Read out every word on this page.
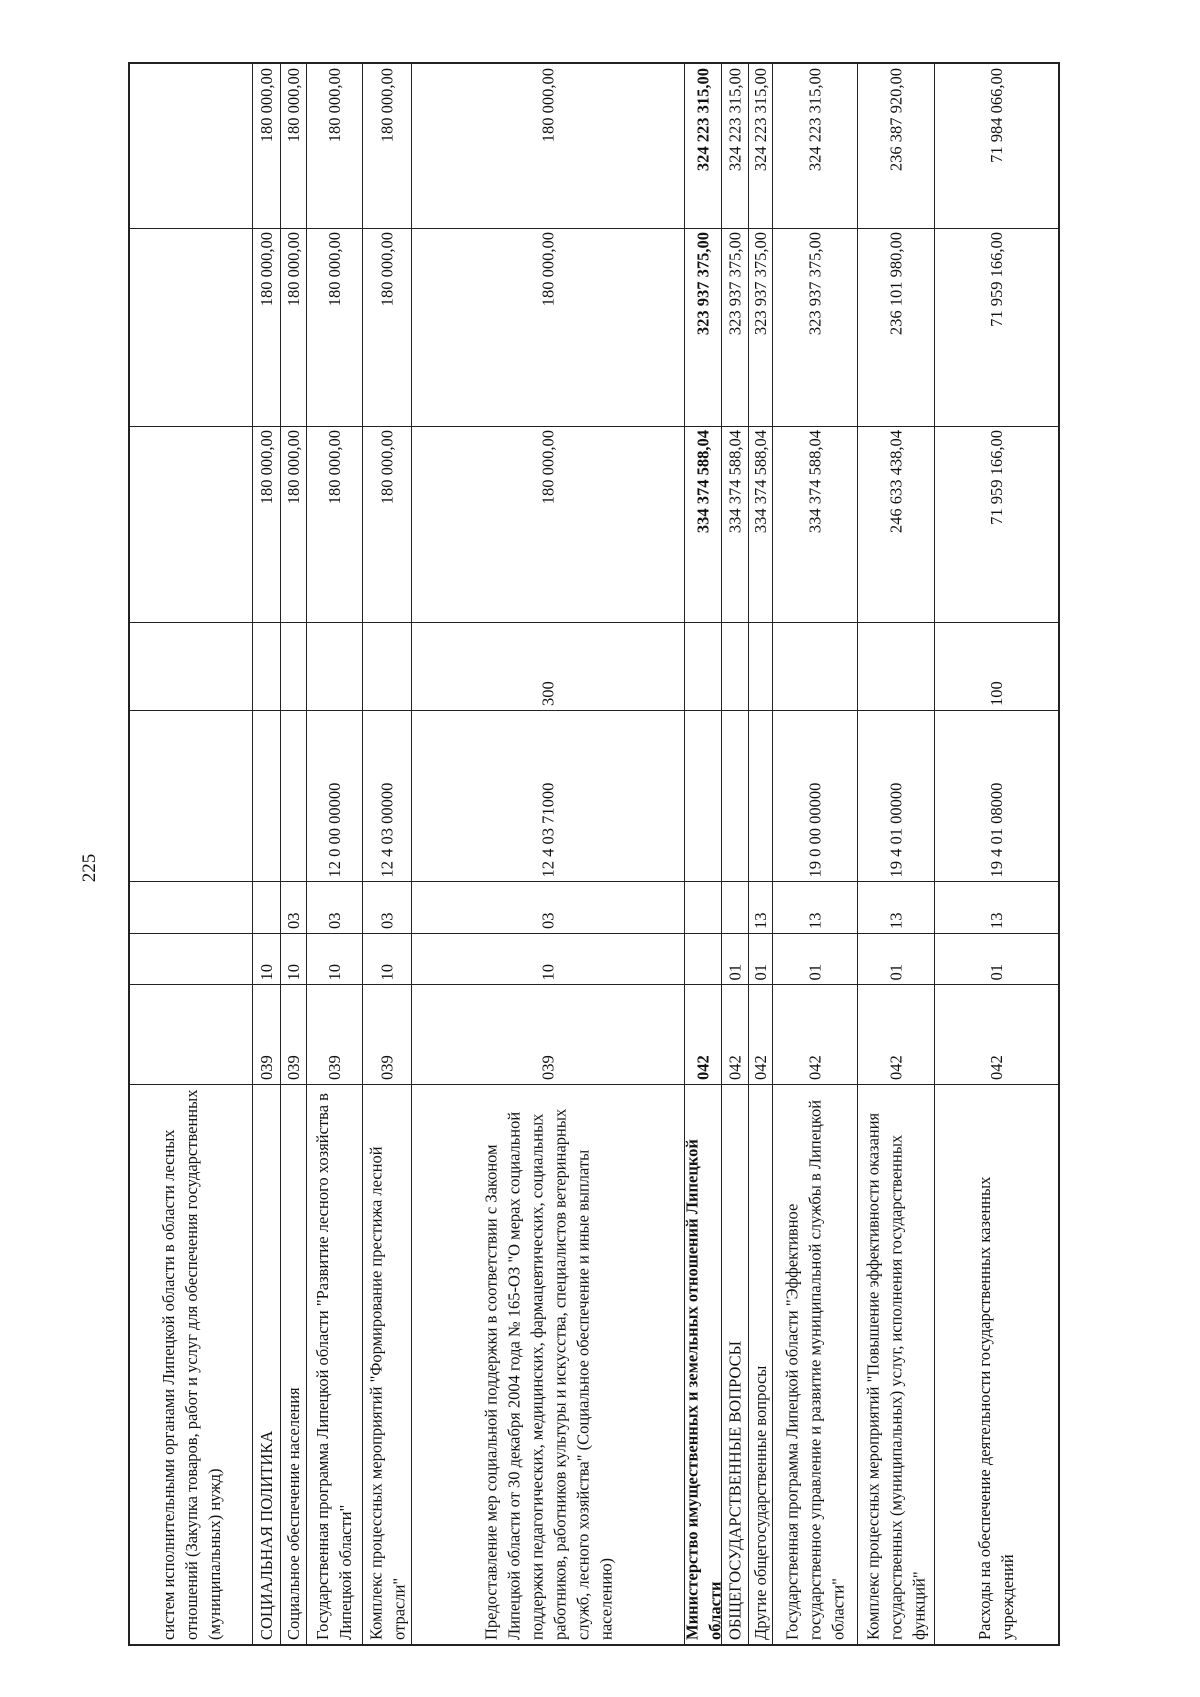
225
систем исполнительными органами Липецкой области в области лесных отношений (Закупка товаров, работ и услуг для обеспечения государственных (муниципальных) нужд)
180 000,00
180 000,00
180 000,00
10
039
СОЦИАЛЬНАЯ ПОЛИТИКА
180 000,00
180 000,00
180 000,00
03
10
039
Социальное обеспечение населения
180 000,00
180 000,00
180 000,00
12 0 00 00000
03
10
039
Государственная программа Липецкой области "Развитие лесного хозяйства в Липецкой области"
180 000,00
180 000,00
180 000,00
12 4 03 00000
03
10
039
Комплекс процессных мероприятий "Формирование престижа лесной отрасли"
180 000,00
180 000,00
180 000,00
300
12 4 03 71000
03
10
039
Предоставление мер социальной поддержки в соответствии с Законом Липецкой области от 30 декабря 2004 года № 165-ОЗ "О мерах социальной поддержки педагогических, медицинских, фармацевтических, социальных работников, работников культуры и искусства, специалистов ветеринарных служб, лесного хозяйства" (Социальное обеспечение и иные выплаты населению)
324 223 315,00
323 937 375,00
334 374 588,04
042
Министерство имущественных и земельных отношений Липецкой области
324 223 315,00
323 937 375,00
334 374 588,04
01
042
ОБЩЕГОСУДАРСТВЕННЫЕ ВОПРОСЫ
324 223 315,00
323 937 375,00
334 374 588,04
13
01
042
Другие общегосударственные вопросы
324 223 315,00
323 937 375,00
334 374 588,04
19 0 00 00000
13
01
042
Государственная программа Липецкой области "Эффективное государственное управление и развитие муниципальной службы в Липецкой области"
236 387 920,00
236 101 980,00
246 633 438,04
19 4 01 00000
13
01
042
Комплекс процессных мероприятий "Повышение эффективности оказания государственных (муниципальных) услуг, исполнения государственных функций"
71 984 066,00
71 959 166,00
71 959 166,00
100
19 4 01 08000
13
01
042
Расходы на обеспечение деятельности государственных казенных учреждений
